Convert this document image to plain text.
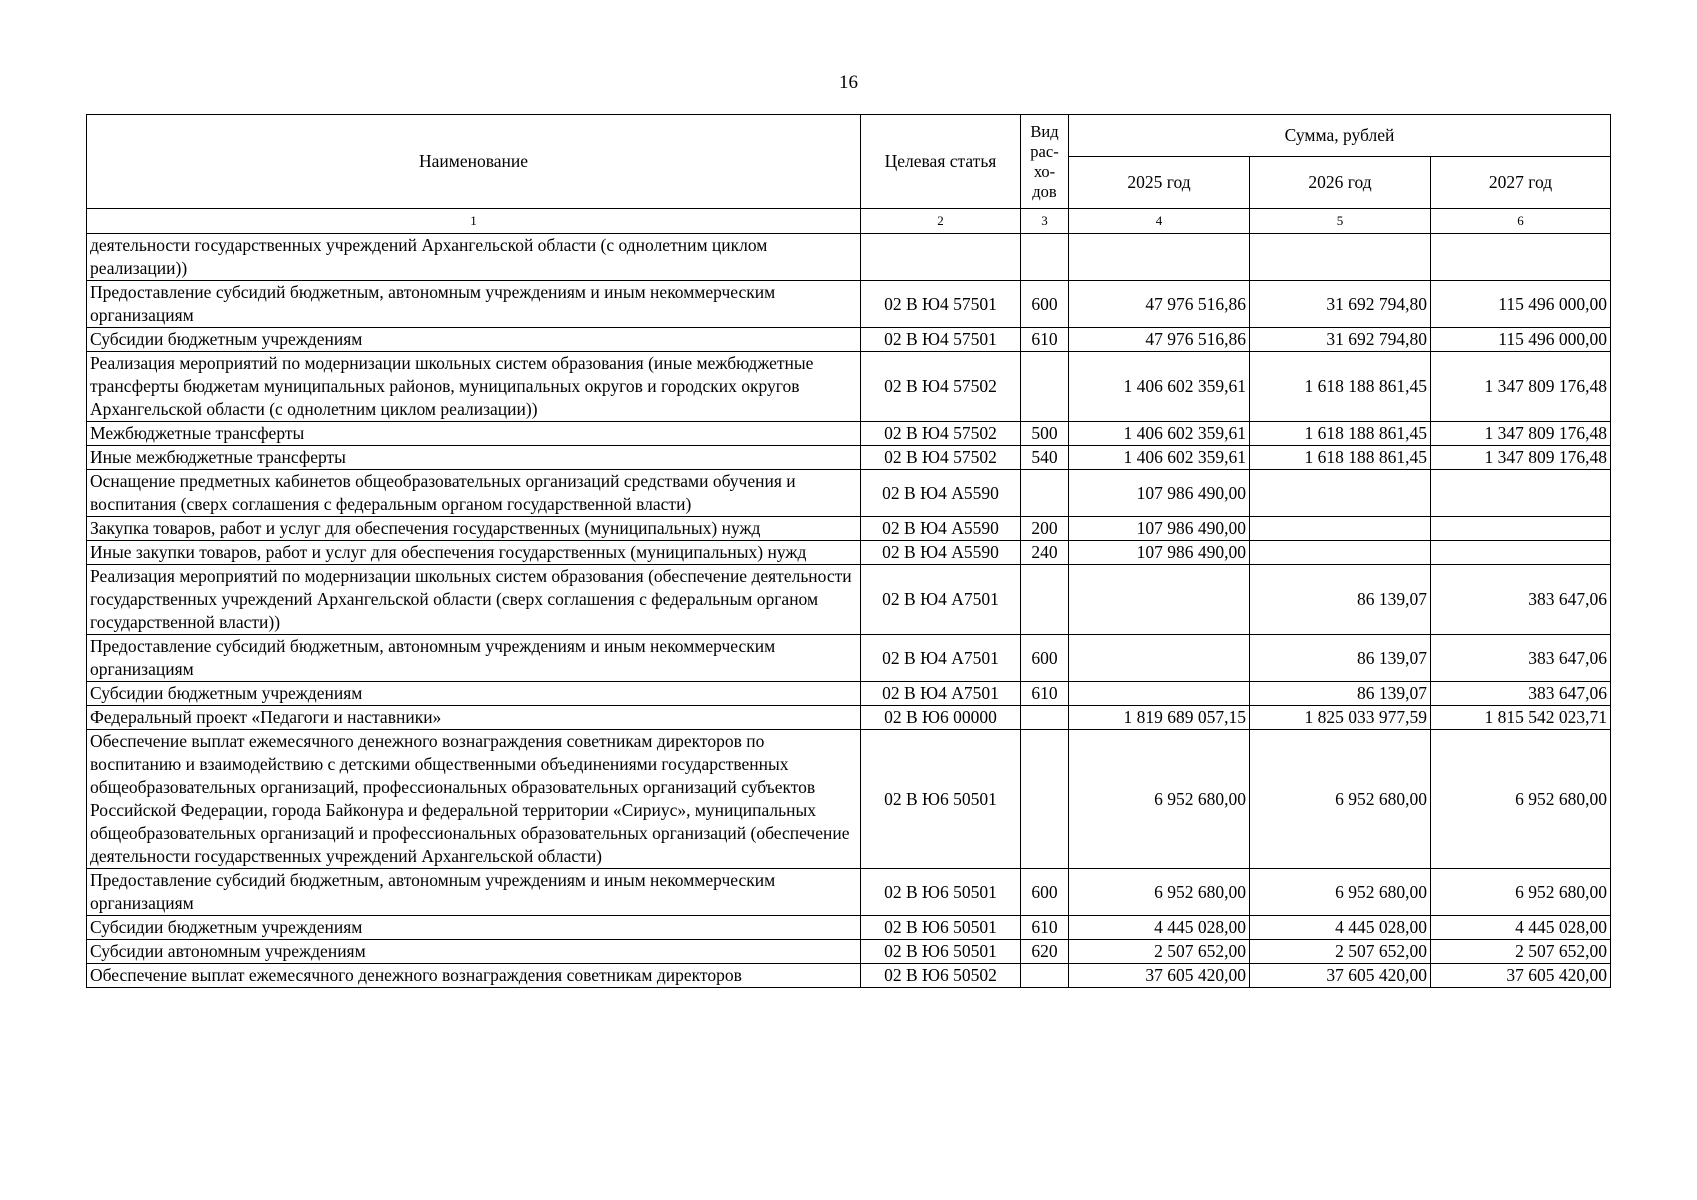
16
Наименование	Целевая статья	Вид рас- хо- дов	Сумма, рублей		
			2025 год	2026 год	2027 год
1	2	3	4	5	6
деятельности государственных учреждений Архангельской области (с однолетним циклом реализации))					
Предоставление субсидий бюджетным, автономным учреждениям и иным некоммерческим организациям	02 В Ю4 57501	600	47 976 516,86	31 692 794,80	115 496 000,00
Субсидии бюджетным учреждениям	02 В Ю4 57501	610	47 976 516,86	31 692 794,80	115 496 000,00
Реализация мероприятий по модернизации школьных систем образования (иные межбюджетные трансферты бюджетам муниципальных районов, муниципальных округов и городских округов Архангельской области (с однолетним циклом реализации))	02 В Ю4 57502		1 406 602 359,61	1 618 188 861,45	1 347 809 176,48
Межбюджетные трансферты	02 В Ю4 57502	500	1 406 602 359,61	1 618 188 861,45	1 347 809 176,48
Иные межбюджетные трансферты	02 В Ю4 57502	540	1 406 602 359,61	1 618 188 861,45	1 347 809 176,48
Оснащение предметных кабинетов общеобразовательных организаций средствами обучения и воспитания (сверх соглашения с федеральным органом государственной власти)	02 В Ю4 А5590		107 986 490,00		
Закупка товаров, работ и услуг для обеспечения государственных (муниципальных) нужд	02 В Ю4 А5590	200	107 986 490,00		
Иные закупки товаров, работ и услуг для обеспечения государственных (муниципальных) нужд	02 В Ю4 А5590	240	107 986 490,00		
Реализация мероприятий по модернизации школьных систем образования (обеспечение деятельности государственных учреждений Архангельской области (сверх соглашения с федеральным органом государственной власти))	02 В Ю4 А7501			86 139,07	383 647,06
Предоставление субсидий бюджетным, автономным учреждениям и иным некоммерческим организациям	02 В Ю4 А7501	600		86 139,07	383 647,06
Субсидии бюджетным учреждениям	02 В Ю4 А7501	610		86 139,07	383 647,06
Федеральный проект «Педагоги и наставники»	02 В Ю6 00000		1 819 689 057,15	1 825 033 977,59	1 815 542 023,71
Обеспечение выплат ежемесячного денежного вознаграждения советникам директоров по воспитанию и взаимодействию с детскими общественными объединениями государственных общеобразовательных организаций, профессиональных образовательных организаций субъектов Российской Федерации, города Байконура и федеральной территории «Сириус», муниципальных общеобразовательных организаций и профессиональных образовательных организаций (обеспечение деятельности государственных учреждений Архангельской области)	02 В Ю6 50501		6 952 680,00	6 952 680,00	6 952 680,00
Предоставление субсидий бюджетным, автономным учреждениям и иным некоммерческим организациям	02 В Ю6 50501	600	6 952 680,00	6 952 680,00	6 952 680,00
Субсидии бюджетным учреждениям	02 В Ю6 50501	610	4 445 028,00	4 445 028,00	4 445 028,00
Субсидии автономным учреждениям	02 В Ю6 50501	620	2 507 652,00	2 507 652,00	2 507 652,00
Обеспечение выплат ежемесячного денежного вознаграждения советникам директоров	02 В Ю6 50502		37 605 420,00	37 605 420,00	37 605 420,00
